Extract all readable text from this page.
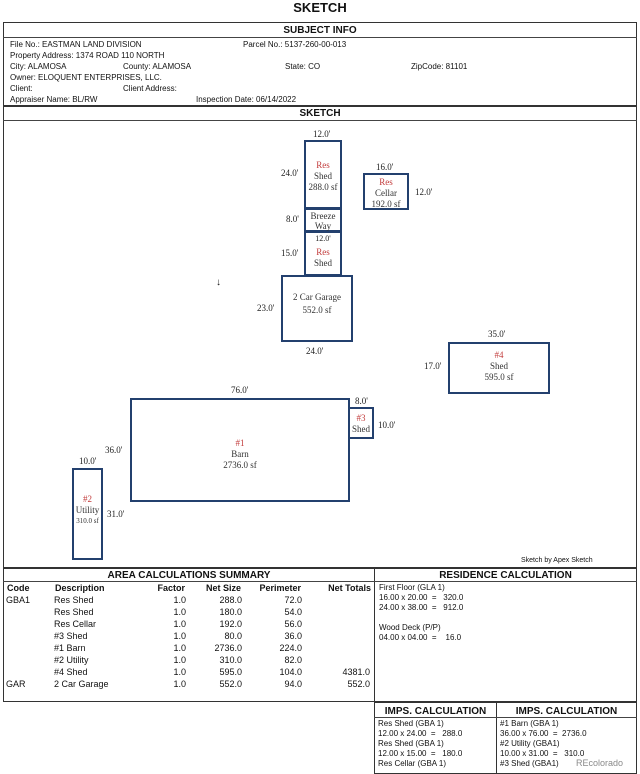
SKETCH
SUBJECT INFO
File No.: EASTMAN LAND DIVISION	Parcel No.: 5137-260-00-013
Property Address: 1374 ROAD 110 NORTH
City: ALAMOSA	County: ALAMOSA	State: CO	ZipCode: 81101
Owner: ELOQUENT ENTERPRISES, LLC.
Client:	Client Address:
Appraiser Name: BL/RW	Inspection Date: 06/14/2022
SKETCH
12.0'
24.0'
Res
Shed
288.0 sf
8.0'	Breeze
Way
12.0'
Res
Shed
15.0'
↓
23.0'
2 Car Garage
552.0 sf
24.0'
16.0'
Res
Cellar
192.0 sf
12.0'
35.0'
#4
Shed
595.0 sf
17.0'
76.0'
36.0'
#1
Barn
2736.0 sf
8.0'
#3
Shed 10.0'
10.0'
#2
Utility
310.0 sf
31.0'
Sketch by Apex Sketch
AREA CALCULATIONS SUMMARY
Code	Description	Factor	Net Size	Perimeter	Net Totals
GBA1	Res Shed	1.0	288.0	72.0	
	Res Shed	1.0	180.0	54.0	
	Res Cellar	1.0	192.0	56.0	
	#3 Shed	1.0	80.0	36.0	
	#1 Barn	1.0	2736.0	224.0	
	#2 Utility	1.0	310.0	82.0	
	#4 Shed	1.0	595.0	104.0	4381.0
GAR	2 Car Garage	1.0	552.0	94.0	552.0
RESIDENCE CALCULATION
First Floor (GLA 1)
16.00 x 20.00  =   320.0
24.00 x 38.00  =   912.0
Wood Deck (P/P)
04.00 x 04.00  =    16.0
IMPS. CALCULATION
Res Shed (GBA 1)
12.00 x 24.00  =   288.0
Res Shed (GBA 1)
12.00 x 15.00  =   180.0
Res Cellar (GBA 1)
IMPS. CALCULATION
#1 Barn (GBA 1)
36.00 x 76.00  =  2736.0
#2 Utility (GBA1)
10.00 x 31.00  =   310.0
#3 Shed (GBA1)	REcolorado
